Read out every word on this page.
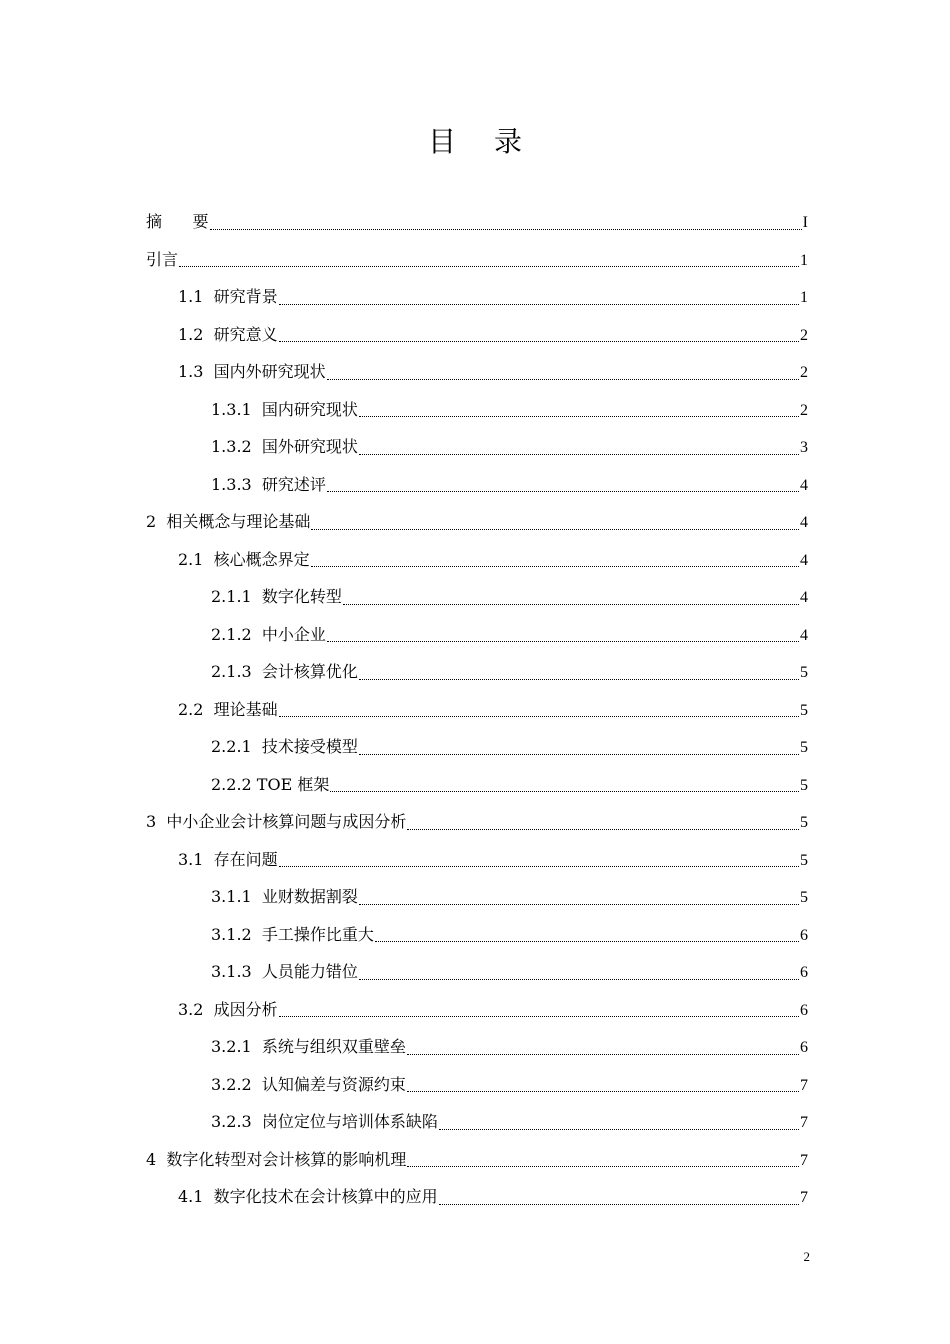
目录
摘      要	I
引言	1
1.1  研究背景	1
1.2  研究意义	2
1.3  国内外研究现状	2
1.3.1  国内研究现状	2
1.3.2  国外研究现状	3
1.3.3  研究述评	4
2  相关概念与理论基础	4
2.1  核心概念界定	4
2.1.1  数字化转型	4
2.1.2  中小企业	4
2.1.3  会计核算优化	5
2.2  理论基础	5
2.2.1  技术接受模型	5
2.2.2 TOE 框架	5
3  中小企业会计核算问题与成因分析	5
3.1  存在问题	5
3.1.1  业财数据割裂	5
3.1.2  手工操作比重大	6
3.1.3  人员能力错位	6
3.2  成因分析	6
3.2.1  系统与组织双重壁垒	6
3.2.2  认知偏差与资源约束	7
3.2.3  岗位定位与培训体系缺陷	7
4  数字化转型对会计核算的影响机理	7
4.1  数字化技术在会计核算中的应用	7
2
